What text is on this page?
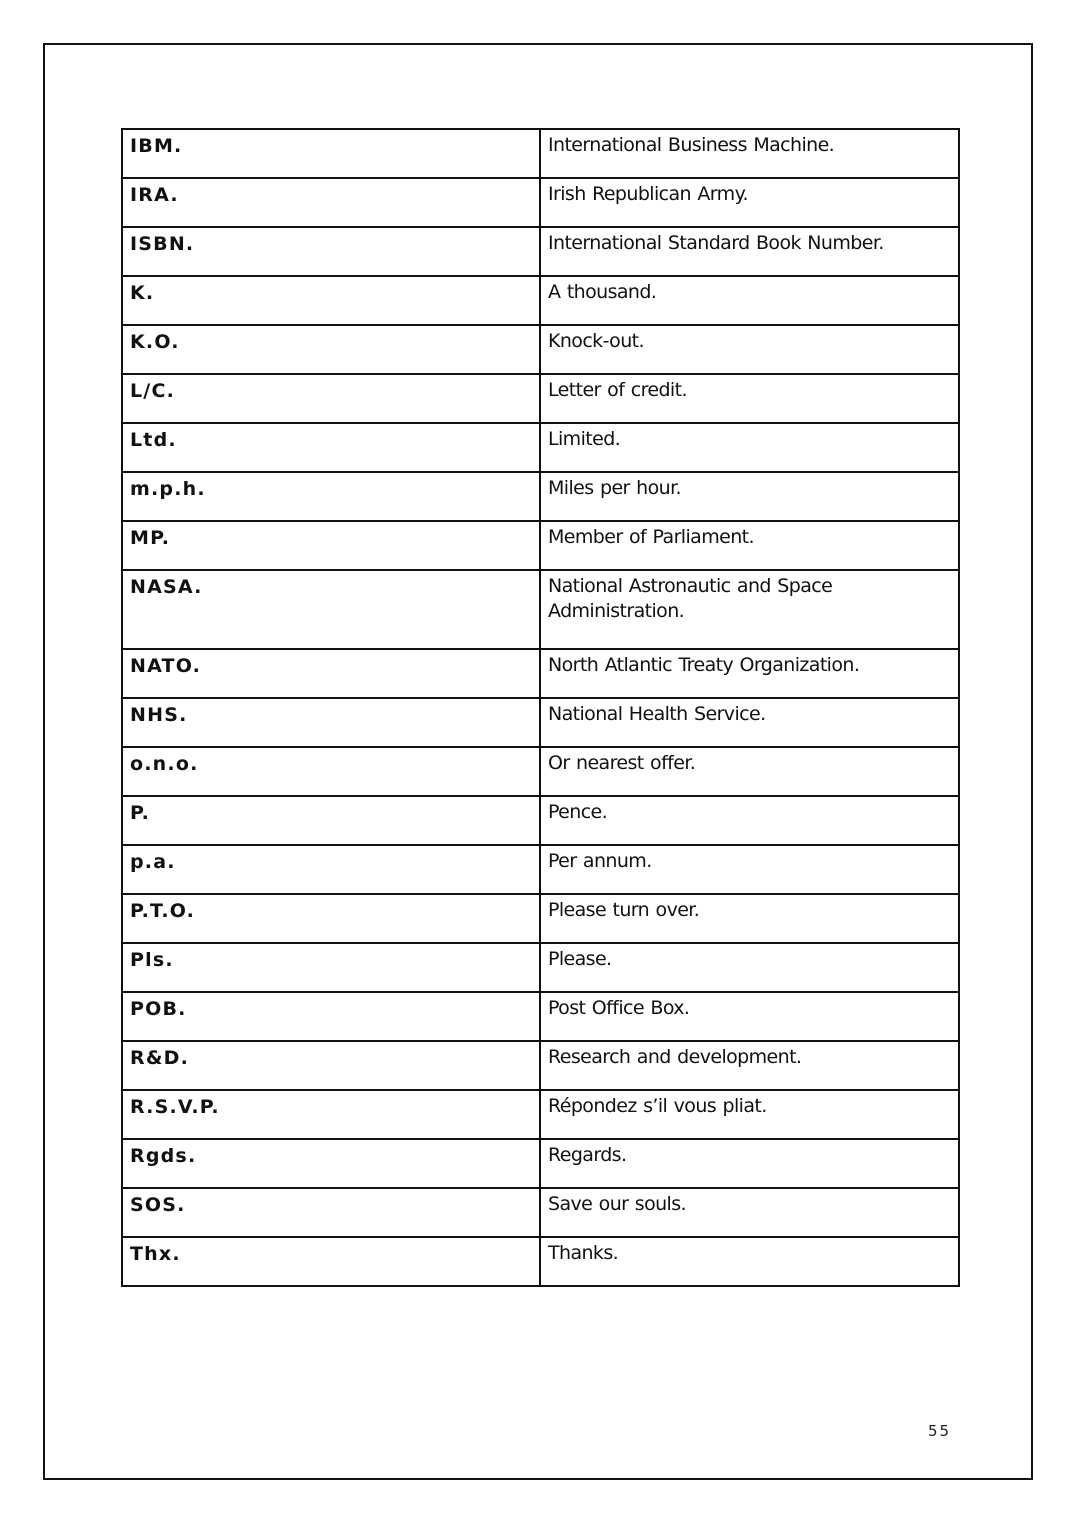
IBM.	International Business Machine.
IRA.	Irish Republican Army.
ISBN.	International Standard Book Number.
K.	A thousand.
K.O.	Knock-out.
L/C.	Letter of credit.
Ltd.	Limited.
m.p.h.	Miles per hour.
MP.	Member of Parliament.
NASA.	National Astronautic and Space Administration.
NATO.	North Atlantic Treaty Organization.
NHS.	National Health Service.
o.n.o.	Or nearest offer.
P.	Pence.
p.a.	Per annum.
P.T.O.	Please turn over.
Pls.	Please.
POB.	Post Office Box.
R&D.	Research and development.
R.S.V.P.	Répondez s’il vous pliat.
Rgds.	Regards.
SOS.	Save our souls.
Thx.	Thanks.
55
